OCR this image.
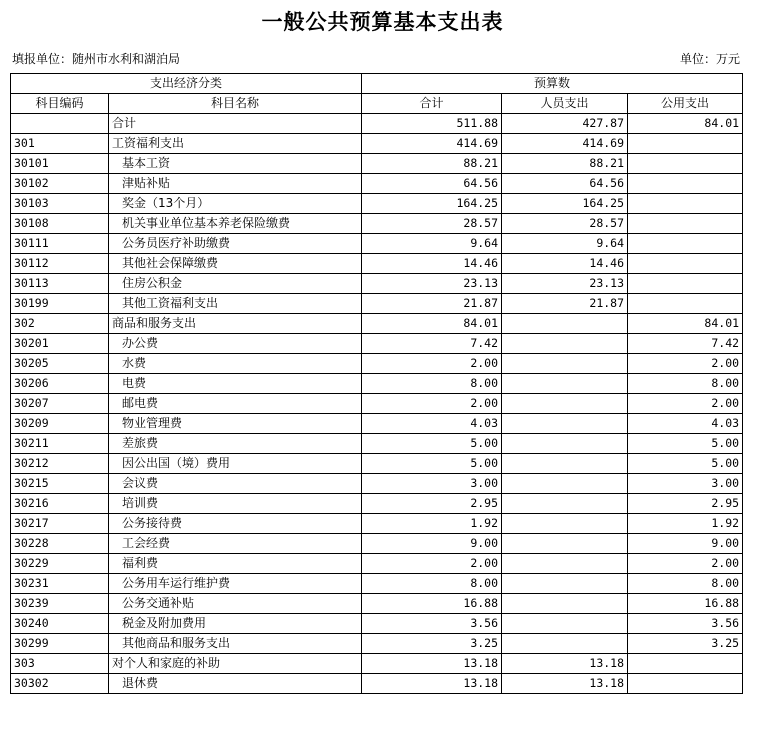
一般公共预算基本支出表
填报单位：随州市水利和湖泊局	单位：万元
支出经济分类		预算数		
科目编码	科目名称	合计	人员支出	公用支出
	合计	511.88	427.87	84.01
301	工资福利支出	414.69	414.69	
30101	基本工资	88.21	88.21	
30102	津贴补贴	64.56	64.56	
30103	奖金（13个月）	164.25	164.25	
30108	机关事业单位基本养老保险缴费	28.57	28.57	
30111	公务员医疗补助缴费	9.64	9.64	
30112	其他社会保障缴费	14.46	14.46	
30113	住房公积金	23.13	23.13	
30199	其他工资福利支出	21.87	21.87	
302	商品和服务支出	84.01		84.01
30201	办公费	7.42		7.42
30205	水费	2.00		2.00
30206	电费	8.00		8.00
30207	邮电费	2.00		2.00
30209	物业管理费	4.03		4.03
30211	差旅费	5.00		5.00
30212	因公出国（境）费用	5.00		5.00
30215	会议费	3.00		3.00
30216	培训费	2.95		2.95
30217	公务接待费	1.92		1.92
30228	工会经费	9.00		9.00
30229	福利费	2.00		2.00
30231	公务用车运行维护费	8.00		8.00
30239	公务交通补贴	16.88		16.88
30240	税金及附加费用	3.56		3.56
30299	其他商品和服务支出	3.25		3.25
303	对个人和家庭的补助	13.18	13.18	
30302	退休费	13.18	13.18	
